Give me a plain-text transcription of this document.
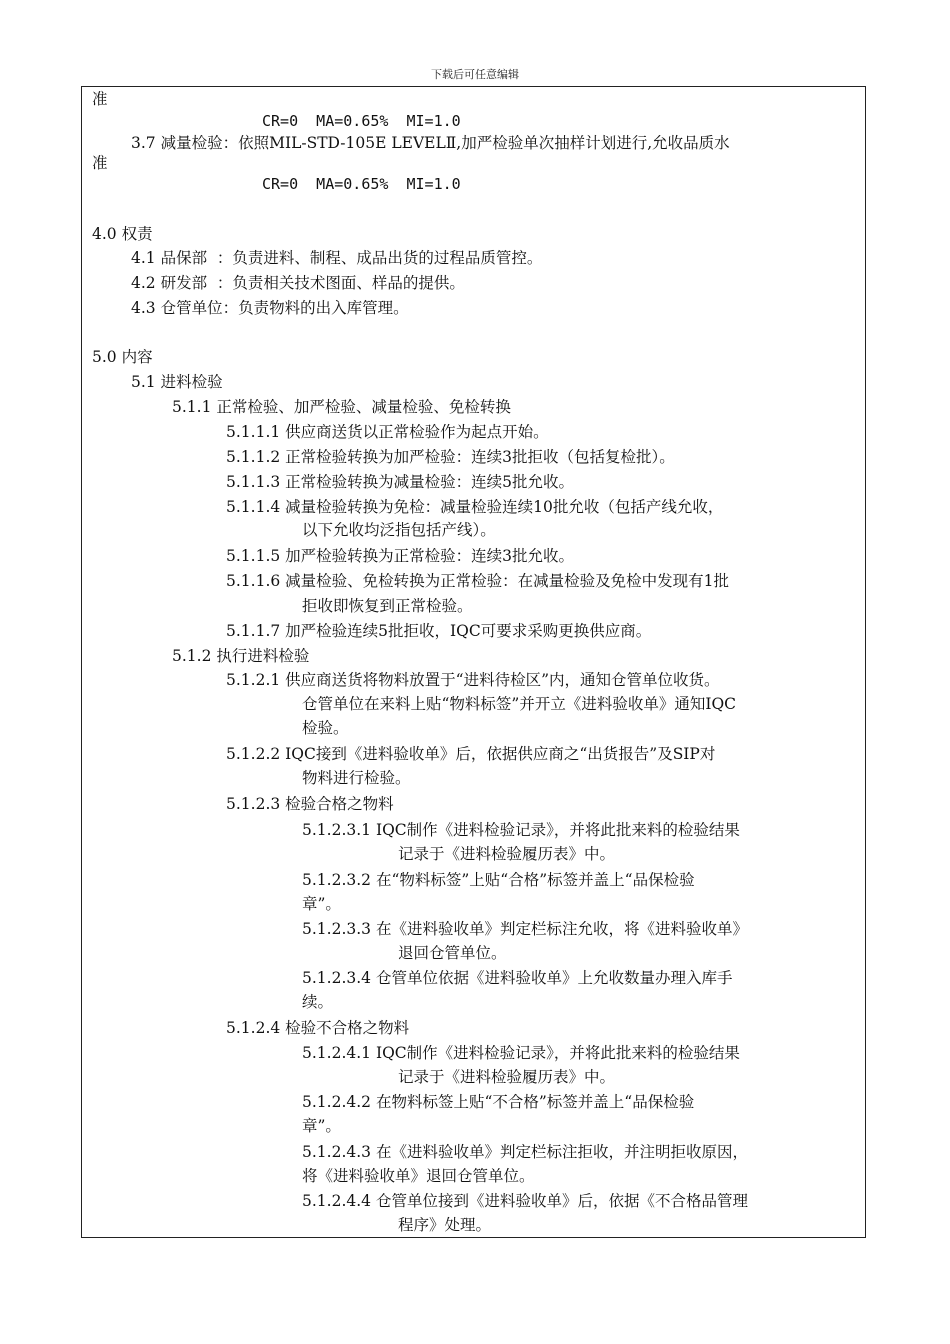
下载后可任意编辑
准
CR=0  MA=0.65%  MI=1.0
3.7 减量检验：依照MIL-STD-105E LEVELⅡ,加严检验单次抽样计划进行,允收品质水
准
CR=0  MA=0.65%  MI=1.0
4.0 权责
4.1 品保部  ：负责进料、制程、成品出货的过程品质管控。
4.2 研发部  ：负责相关技术图面、样品的提供。
4.3 仓管单位：负责物料的出入库管理。
5.0 内容
5.1 进料检验
5.1.1 正常检验、加严检验、减量检验、免检转换
5.1.1.1 供应商送货以正常检验作为起点开始。
5.1.1.2 正常检验转换为加严检验：连续3批拒收（包括复检批）。
5.1.1.3 正常检验转换为减量检验：连续5批允收。
5.1.1.4 减量检验转换为免检：减量检验连续10批允收（包括产线允收，
以下允收均泛指包括产线）。
5.1.1.5 加严检验转换为正常检验：连续3批允收。
5.1.1.6 减量检验、免检转换为正常检验：在减量检验及免检中发现有1批
拒收即恢复到正常检验。
5.1.1.7 加严检验连续5批拒收，IQC可要求采购更换供应商。
5.1.2 执行进料检验
5.1.2.1 供应商送货将物料放置于“进料待检区”内，通知仓管单位收货。
仓管单位在来料上贴“物料标签”并开立《进料验收单》通知IQC
检验。
5.1.2.2 IQC接到《进料验收单》后，依据供应商之“出货报告”及SIP对
物料进行检验。
5.1.2.3 检验合格之物料
5.1.2.3.1 IQC制作《进料检验记录》，并将此批来料的检验结果
记录于《进料检验履历表》中。
5.1.2.3.2 在“物料标签”上贴“合格”标签并盖上“品保检验
章”。
5.1.2.3.3 在《进料验收单》判定栏标注允收，将《进料验收单》
退回仓管单位。
5.1.2.3.4 仓管单位依据《进料验收单》上允收数量办理入库手
续。
5.1.2.4 检验不合格之物料
5.1.2.4.1 IQC制作《进料检验记录》，并将此批来料的检验结果
记录于《进料检验履历表》中。
5.1.2.4.2 在物料标签上贴“不合格”标签并盖上“品保检验
章”。
5.1.2.4.3 在《进料验收单》判定栏标注拒收，并注明拒收原因，
将《进料验收单》退回仓管单位。
5.1.2.4.4 仓管单位接到《进料验收单》后，依据《不合格品管理
程序》处理。
